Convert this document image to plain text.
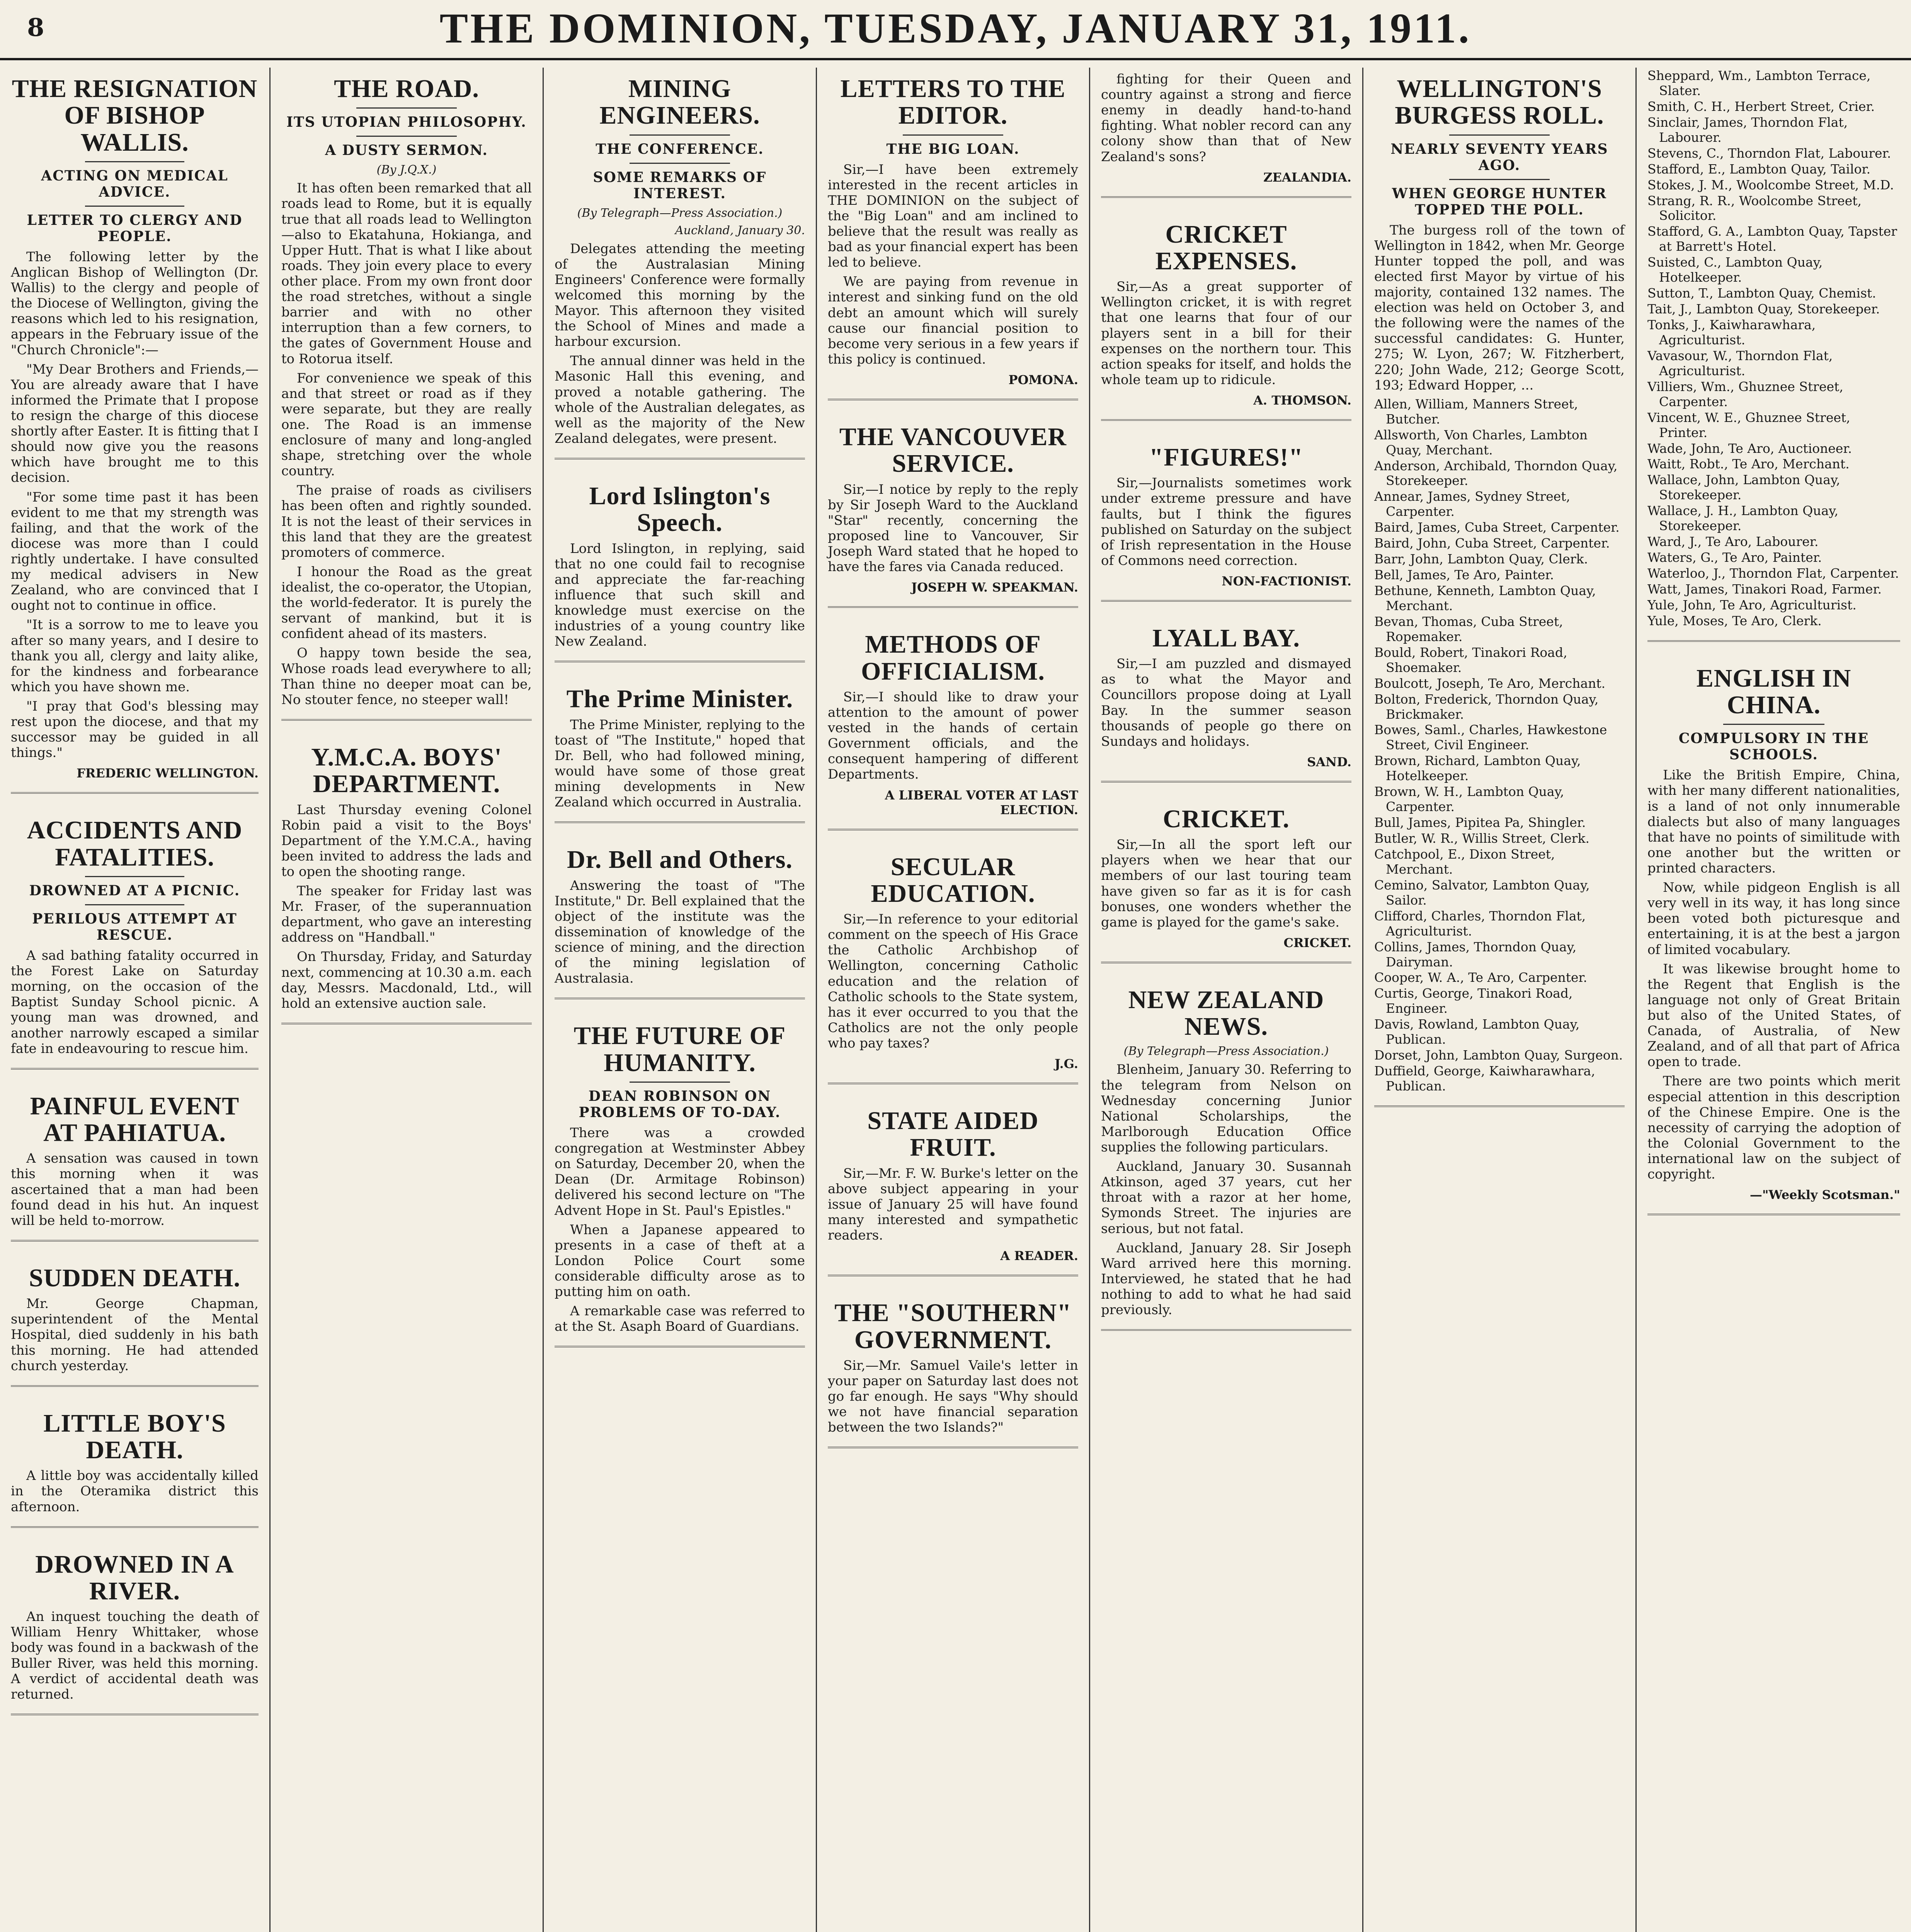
8	THE DOMINION, TUESDAY, JANUARY 31, 1911.
THE RESIGNATION OF BISHOP WALLIS.
ACTING ON MEDICAL ADVICE.
LETTER TO CLERGY AND PEOPLE.

The following letter by the Anglican Bishop of Wellington (Dr. Wallis) to the clergy and people of the Diocese of Wellington, giving the reasons which led to his resignation, appears in the February issue of the "Church Chronicle":—

"My Dear Brothers and Friends,—You are already aware that I have informed the Primate that I propose to resign the charge of this diocese shortly after Easter. It is fitting that I should now give you the reasons which have brought me to this decision.

"For some time past it has been evident to me that my strength was failing, and that the work of the diocese was more than I could rightly undertake. I have consulted my medical advisers in New Zealand, who are convinced that I ought not to continue in office.

"It is a sorrow to me to leave you after so many years, and I desire to thank you all, clergy and laity alike, for the kindness and forbearance which you have shown me.

"I pray that God's blessing may rest upon the diocese, and that my successor may be guided in all things."

FREDERIC WELLINGTON.
ACCIDENTS AND FATALITIES.
DROWNED AT A PICNIC.
PERILOUS ATTEMPT AT RESCUE.

A sad bathing fatality occurred in the Forest Lake on Saturday morning, on the occasion of the Baptist Sunday School picnic. A young man was drowned, and another narrowly escaped a similar fate in endeavouring to rescue him.

PAINFUL EVENT AT PAHIATUA.

A sensation was caused in town this morning when it was ascertained that a man had been found dead in his hut. An inquest will be held to-morrow.

SUDDEN DEATH.

Mr. George Chapman, superintendent of the Mental Hospital, died suddenly in his bath this morning. He had attended church yesterday.

LITTLE BOY'S DEATH.

A little boy was accidentally killed in the Oteramika district this afternoon.

DROWNED IN A RIVER.

An inquest touching the death of William Henry Whittaker, whose body was found in a backwash of the Buller River, was held this morning. A verdict of accidental death was returned.

THE ROAD.
ITS UTOPIAN PHILOSOPHY.
A DUSTY SERMON.
(By J.Q.X.)

It has often been remarked that all roads lead to Rome, but it is equally true that all roads lead to Wellington—also to Ekatahuna, Hokianga, and Upper Hutt. That is what I like about roads. They join every place to every other place. From my own front door the road stretches, without a single barrier and with no other interruption than a few corners, to the gates of Government House and to Rotorua itself.

For convenience we speak of this and that street or road as if they were separate, but they are really one. The Road is an immense enclosure of many and long-angled shape, stretching over the whole country.

The praise of roads as civilisers has been often and rightly sounded. It is not the least of their services in this land that they are the greatest promoters of commerce.

I honour the Road as the great idealist, the co-operator, the Utopian, the world-federator. It is purely the servant of mankind, but it is confident ahead of its masters.

O happy town beside the sea, Whose roads lead everywhere to all; Than thine no deeper moat can be, No stouter fence, no steeper wall!

Y.M.C.A. BOYS' DEPARTMENT.

Last Thursday evening Colonel Robin paid a visit to the Boys' Department of the Y.M.C.A., having been invited to address the lads and to open the shooting range.

The speaker for Friday last was Mr. Fraser, of the superannuation department, who gave an interesting address on "Handball."

On Thursday, Friday, and Saturday next, commencing at 10.30 a.m. each day, Messrs. Macdonald, Ltd., will hold an extensive auction sale.

MINING ENGINEERS.
THE CONFERENCE.
SOME REMARKS OF INTEREST.
(By Telegraph—Press Association.)
Auckland, January 30.

Delegates attending the meeting of the Australasian Mining Engineers' Conference were formally welcomed this morning by the Mayor. This afternoon they visited the School of Mines and made a harbour excursion.

The annual dinner was held in the Masonic Hall this evening, and proved a notable gathering. The whole of the Australian delegates, as well as the majority of the New Zealand delegates, were present.

Lord Islington's Speech.

Lord Islington, in replying, said that no one could fail to recognise and appreciate the far-reaching influence that such skill and knowledge must exercise on the industries of a young country like New Zealand.

The Prime Minister.

The Prime Minister, replying to the toast of "The Institute," hoped that Dr. Bell, who had followed mining, would have some of those great mining developments in New Zealand which occurred in Australia.

Dr. Bell and Others.

Answering the toast of "The Institute," Dr. Bell explained that the object of the institute was the dissemination of knowledge of the science of mining, and the direction of the mining legislation of Australasia.

THE FUTURE OF HUMANITY.
DEAN ROBINSON ON PROBLEMS OF TO-DAY.

There was a crowded congregation at Westminster Abbey on Saturday, December 20, when the Dean (Dr. Armitage Robinson) delivered his second lecture on "The Advent Hope in St. Paul's Epistles."

When a Japanese appeared to presents in a case of theft at a London Police Court some considerable difficulty arose as to putting him on oath.

A remarkable case was referred to at the St. Asaph Board of Guardians.

LETTERS TO THE EDITOR.
THE BIG LOAN.

Sir,—I have been extremely interested in the recent articles in THE DOMINION on the subject of the "Big Loan" and am inclined to believe that the result was really as bad as your financial expert has been led to believe.

We are paying from revenue in interest and sinking fund on the old debt an amount which will surely cause our financial position to become very serious in a few years if this policy is continued.

POMONA.
THE VANCOUVER SERVICE.

Sir,—I notice by reply to the reply by Sir Joseph Ward to the Auckland "Star" recently, concerning the proposed line to Vancouver, Sir Joseph Ward stated that he hoped to have the fares via Canada reduced.

JOSEPH W. SPEAKMAN.
METHODS OF OFFICIALISM.

Sir,—I should like to draw your attention to the amount of power vested in the hands of certain Government officials, and the consequent hampering of different Departments.

A LIBERAL VOTER AT LAST ELECTION.
SECULAR EDUCATION.

Sir,—In reference to your editorial comment on the speech of His Grace the Catholic Archbishop of Wellington, concerning Catholic education and the relation of Catholic schools to the State system, has it ever occurred to you that the Catholics are not the only people who pay taxes?

J.G.
STATE AIDED FRUIT.

Sir,—Mr. F. W. Burke's letter on the above subject appearing in your issue of January 25 will have found many interested and sympathetic readers.

A READER.
THE "SOUTHERN" GOVERNMENT.

Sir,—Mr. Samuel Vaile's letter in your paper on Saturday last does not go far enough. He says "Why should we not have financial separation between the two Islands?"

fighting for their Queen and country against a strong and fierce enemy in deadly hand-to-hand fighting. What nobler record can any colony show than that of New Zealand's sons?

ZEALANDIA.
CRICKET EXPENSES.

Sir,—As a great supporter of Wellington cricket, it is with regret that one learns that four of our players sent in a bill for their expenses on the northern tour. This action speaks for itself, and holds the whole team up to ridicule.

A. THOMSON.
"FIGURES!"

Sir,—Journalists sometimes work under extreme pressure and have faults, but I think the figures published on Saturday on the subject of Irish representation in the House of Commons need correction.

NON-FACTIONIST.
LYALL BAY.

Sir,—I am puzzled and dismayed as to what the Mayor and Councillors propose doing at Lyall Bay. In the summer season thousands of people go there on Sundays and holidays.

SAND.
CRICKET.

Sir,—In all the sport left our players when we hear that our members of our last touring team have given so far as it is for cash bonuses, one wonders whether the game is played for the game's sake.

CRICKET.
NEW ZEALAND NEWS.
(By Telegraph—Press Association.)

Blenheim, January 30. Referring to the telegram from Nelson on Wednesday concerning Junior National Scholarships, the Marlborough Education Office supplies the following particulars.

Auckland, January 30. Susannah Atkinson, aged 37 years, cut her throat with a razor at her home, Symonds Street. The injuries are serious, but not fatal.

Auckland, January 28. Sir Joseph Ward arrived here this morning. Interviewed, he stated that he had nothing to add to what he had said previously.

WELLINGTON'S BURGESS ROLL.
NEARLY SEVENTY YEARS AGO.
WHEN GEORGE HUNTER TOPPED THE POLL.

The burgess roll of the town of Wellington in 1842, when Mr. George Hunter topped the poll, and was elected first Mayor by virtue of his majority, contained 132 names. The election was held on October 3, and the following were the names of the successful candidates: G. Hunter, 275; W. Lyon, 267; W. Fitzherbert, 220; John Wade, 212; George Scott, 193; Edward Hopper, ...

Allen, William, Manners Street, Butcher.
Allsworth, Von Charles, Lambton Quay, Merchant.
Anderson, Archibald, Thorndon Quay, Storekeeper.
Annear, James, Sydney Street, Carpenter.
Baird, James, Cuba Street, Carpenter.
Baird, John, Cuba Street, Carpenter.
Barr, John, Lambton Quay, Clerk.
Bell, James, Te Aro, Painter.
Bethune, Kenneth, Lambton Quay, Merchant.
Bevan, Thomas, Cuba Street, Ropemaker.
Bould, Robert, Tinakori Road, Shoemaker.
Boulcott, Joseph, Te Aro, Merchant.
Bolton, Frederick, Thorndon Quay, Brickmaker.
Bowes, Saml., Charles, Hawkestone Street, Civil Engineer.
Brown, Richard, Lambton Quay, Hotelkeeper.
Brown, W. H., Lambton Quay, Carpenter.
Bull, James, Pipitea Pa, Shingler.
Butler, W. R., Willis Street, Clerk.
Catchpool, E., Dixon Street, Merchant.
Cemino, Salvator, Lambton Quay, Sailor.
Clifford, Charles, Thorndon Flat, Agriculturist.
Collins, James, Thorndon Quay, Dairyman.
Cooper, W. A., Te Aro, Carpenter.
Curtis, George, Tinakori Road, Engineer.
Davis, Rowland, Lambton Quay, Publican.
Dorset, John, Lambton Quay, Surgeon.
Duffield, George, Kaiwharawhara, Publican.
Sheppard, Wm., Lambton Terrace, Slater.
Smith, C. H., Herbert Street, Crier.
Sinclair, James, Thorndon Flat, Labourer.
Stevens, C., Thorndon Flat, Labourer.
Stafford, E., Lambton Quay, Tailor.
Stokes, J. M., Woolcombe Street, M.D.
Strang, R. R., Woolcombe Street, Solicitor.
Stafford, G. A., Lambton Quay, Tapster at Barrett's Hotel.
Suisted, C., Lambton Quay, Hotelkeeper.
Sutton, T., Lambton Quay, Chemist.
Tait, J., Lambton Quay, Storekeeper.
Tonks, J., Kaiwharawhara, Agriculturist.
Vavasour, W., Thorndon Flat, Agriculturist.
Villiers, Wm., Ghuznee Street, Carpenter.
Vincent, W. E., Ghuznee Street, Printer.
Wade, John, Te Aro, Auctioneer.
Waitt, Robt., Te Aro, Merchant.
Wallace, John, Lambton Quay, Storekeeper.
Wallace, J. H., Lambton Quay, Storekeeper.
Ward, J., Te Aro, Labourer.
Waters, G., Te Aro, Painter.
Waterloo, J., Thorndon Flat, Carpenter.
Watt, James, Tinakori Road, Farmer.
Yule, John, Te Aro, Agriculturist.
Yule, Moses, Te Aro, Clerk.
ENGLISH IN CHINA.
COMPULSORY IN THE SCHOOLS.

Like the British Empire, China, with her many different nationalities, is a land of not only innumerable dialects but also of many languages that have no points of similitude with one another but the written or printed characters.

Now, while pidgeon English is all very well in its way, it has long since been voted both picturesque and entertaining, it is at the best a jargon of limited vocabulary.

It was likewise brought home to the Regent that English is the language not only of Great Britain but also of the United States, of Canada, of Australia, of New Zealand, and of all that part of Africa open to trade.

There are two points which merit especial attention in this description of the Chinese Empire. One is the necessity of carrying the adoption of the Colonial Government to the international law on the subject of copyright.

—"Weekly Scotsman."
